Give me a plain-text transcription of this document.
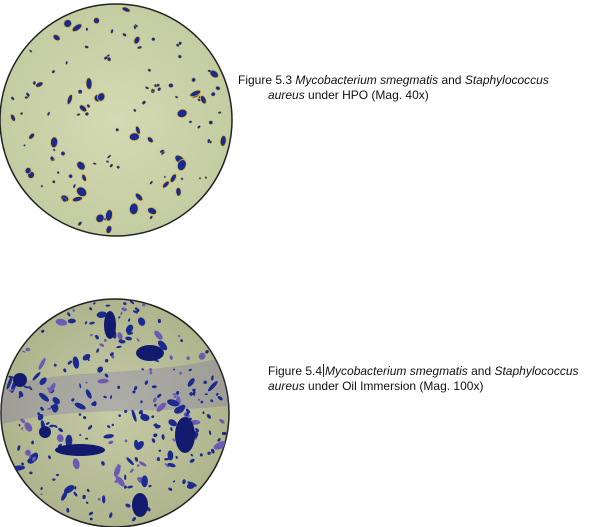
Figure 5.3 Mycobacterium smegmatis and Staphylococcus
aureus under HPO (Mag. 40x)
Figure 5.4 Mycobacterium smegmatis and Staphylococcus
aureus under Oil Immersion (Mag. 100x)
